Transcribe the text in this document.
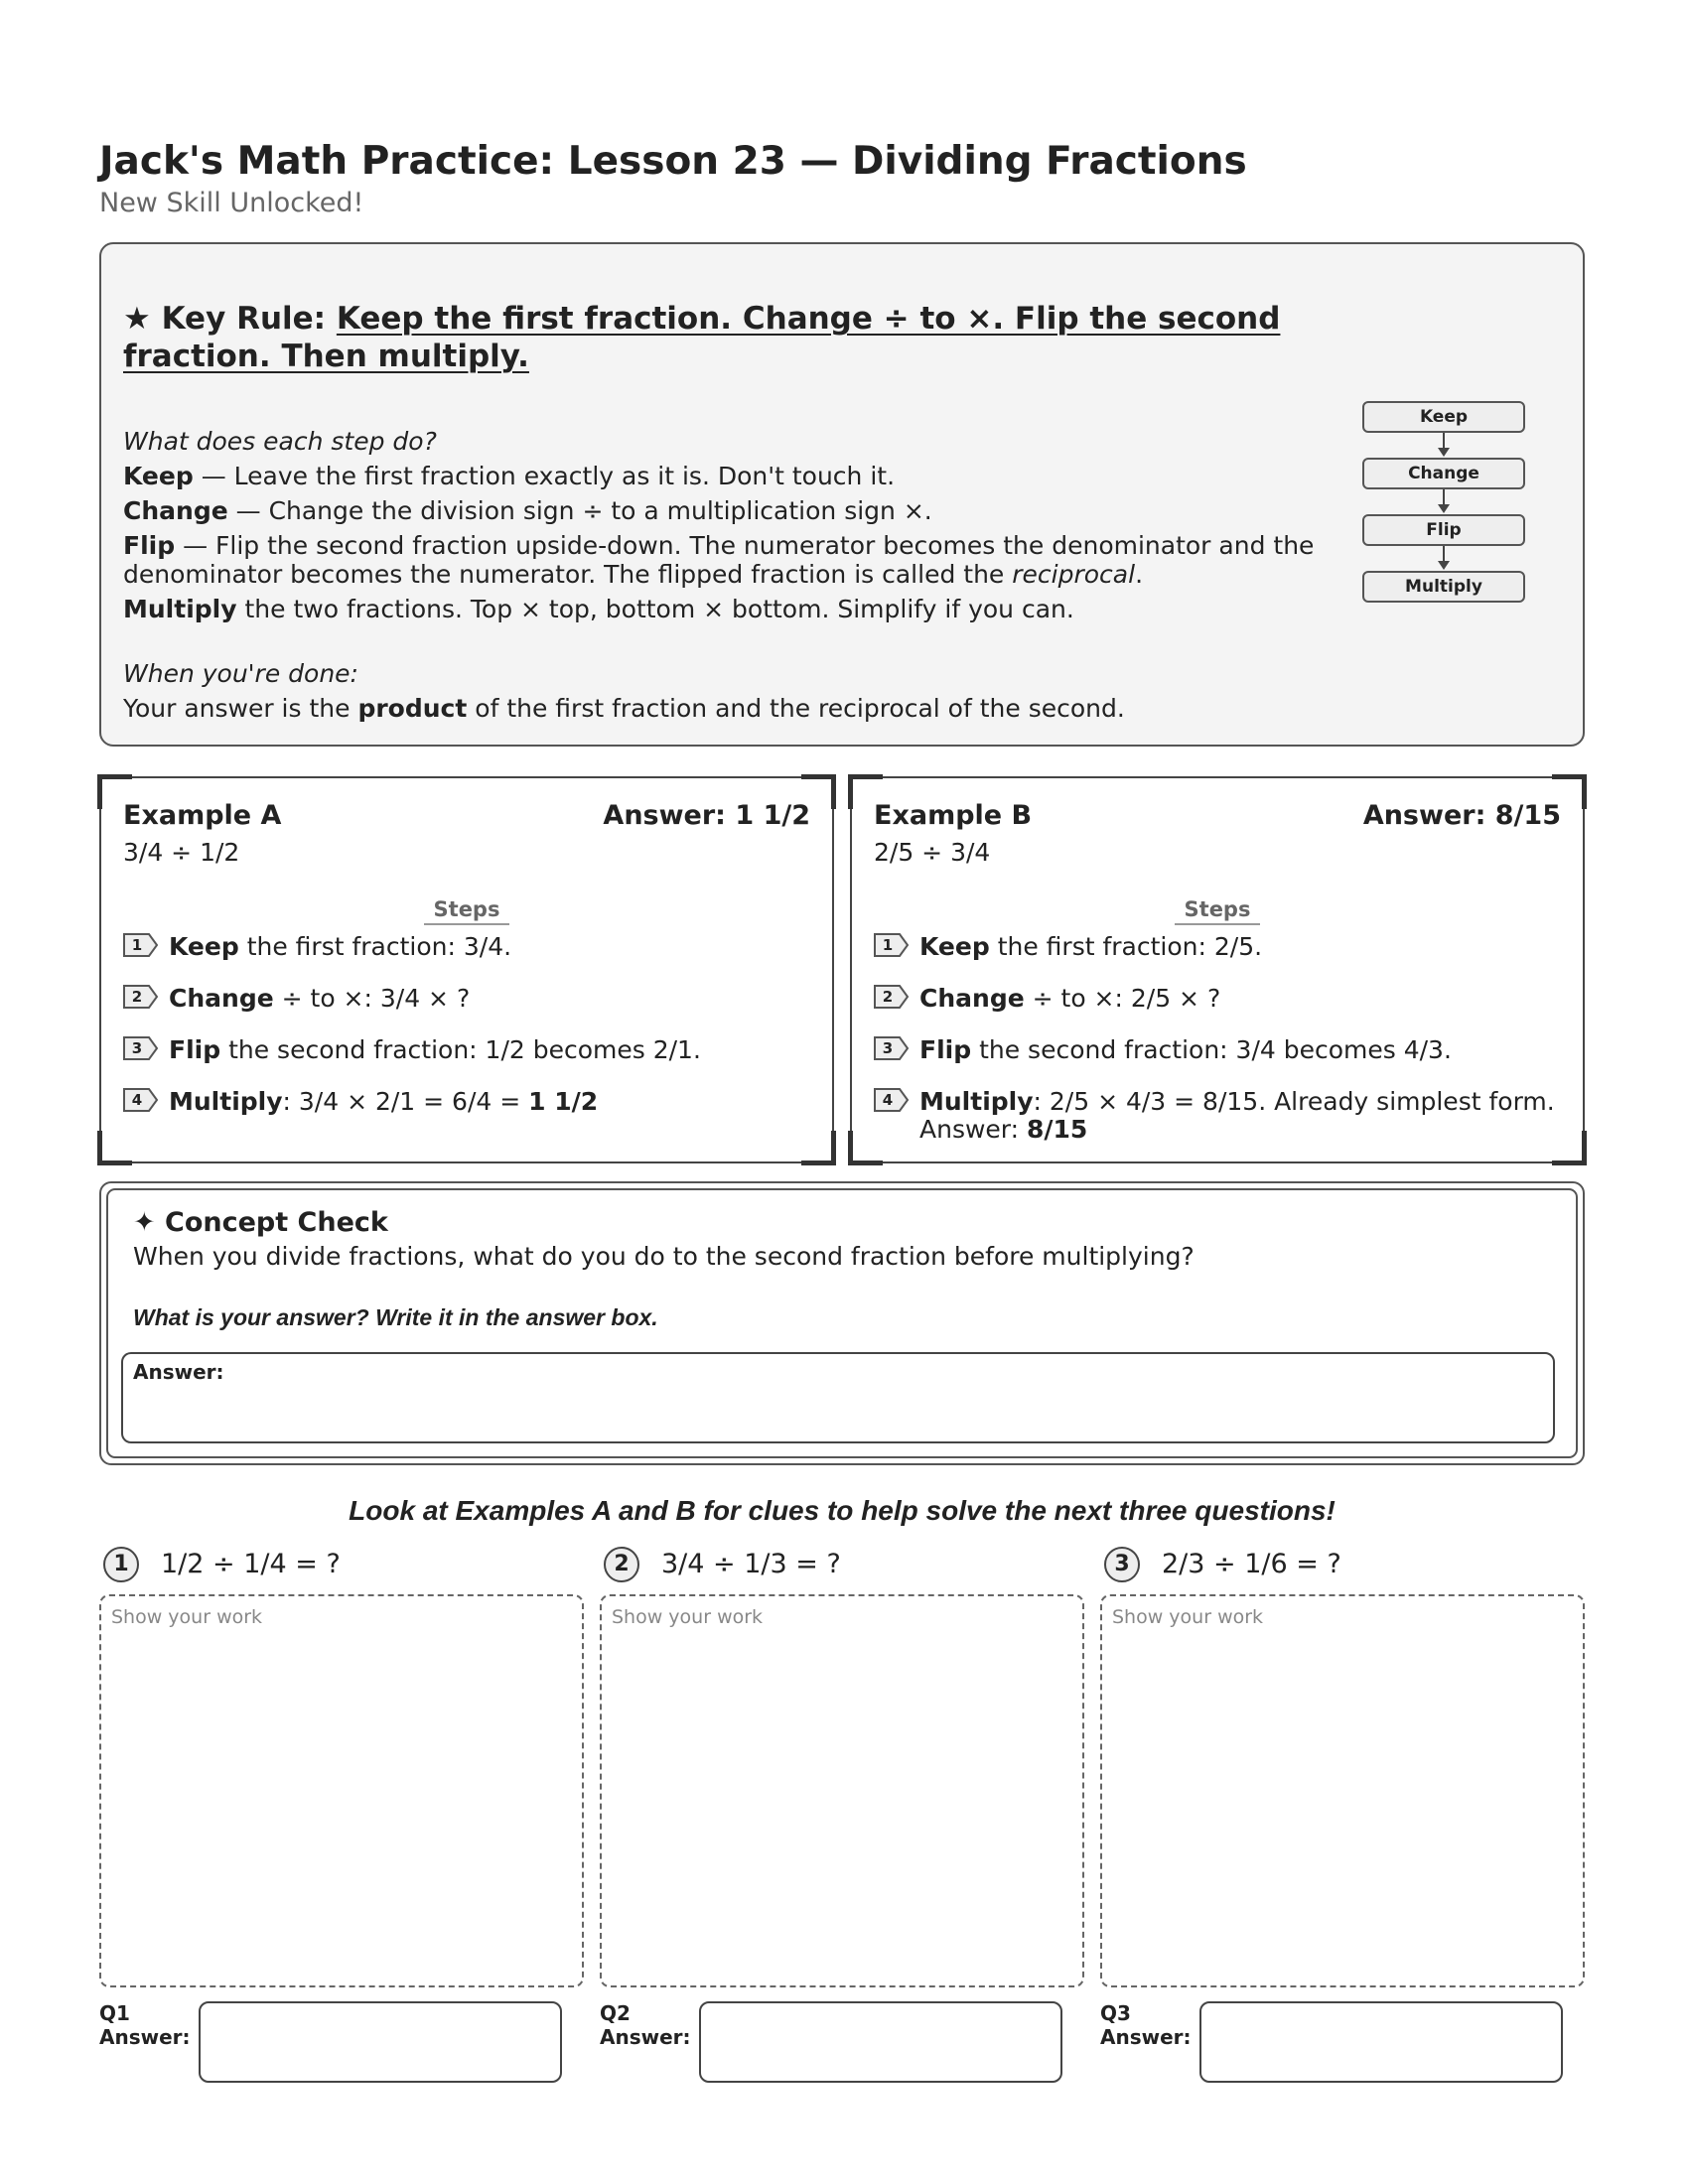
Jack's Math Practice: Lesson 23 — Dividing Fractions

New Skill Unlocked!

★ Key Rule: Keep the first fraction. Change ÷ to ×. Flip the second fraction. Then multiply.

What does each step do?

Keep — Leave the first fraction exactly as it is. Don't touch it.

Change — Change the division sign ÷ to a multiplication sign ×.

Flip — Flip the second fraction upside-down. The numerator becomes the denominator and the denominator becomes the numerator. The flipped fraction is called the reciprocal.

Multiply the two fractions. Top × top, bottom × bottom. Simplify if you can.

When you're done:

Your answer is the product of the first fraction and the reciprocal of the second.

Keep
Change
Flip
Multiply
Example A	Answer: 1 1/2
3/4 ÷ 1/2
Steps
1	Keep the first fraction: 3/4.
2	Change ÷ to ×: 3/4 × ?
3	Flip the second fraction: 1/2 becomes 2/1.
4	Multiply: 3/4 × 2/1 = 6/4 = 1 1/2
Example B	Answer: 8/15
2/5 ÷ 3/4
Steps
1	Keep the first fraction: 2/5.
2	Change ÷ to ×: 2/5 × ?
3	Flip the second fraction: 3/4 becomes 4/3.
4	Multiply: 2/5 × 4/3 = 8/15. Already simplest form. Answer: 8/15
✦ Concept Check
When you divide fractions, what do you do to the second fraction before multiplying?
What is your answer? Write it in the answer box.
Answer:
Look at Examples A and B for clues to help solve the next three questions!
1	1/2 ÷ 1/4 = ?
Show your work
Q1
Answer:
2	3/4 ÷ 1/3 = ?
Show your work
Q2
Answer:
3	2/3 ÷ 1/6 = ?
Show your work
Q3
Answer:
